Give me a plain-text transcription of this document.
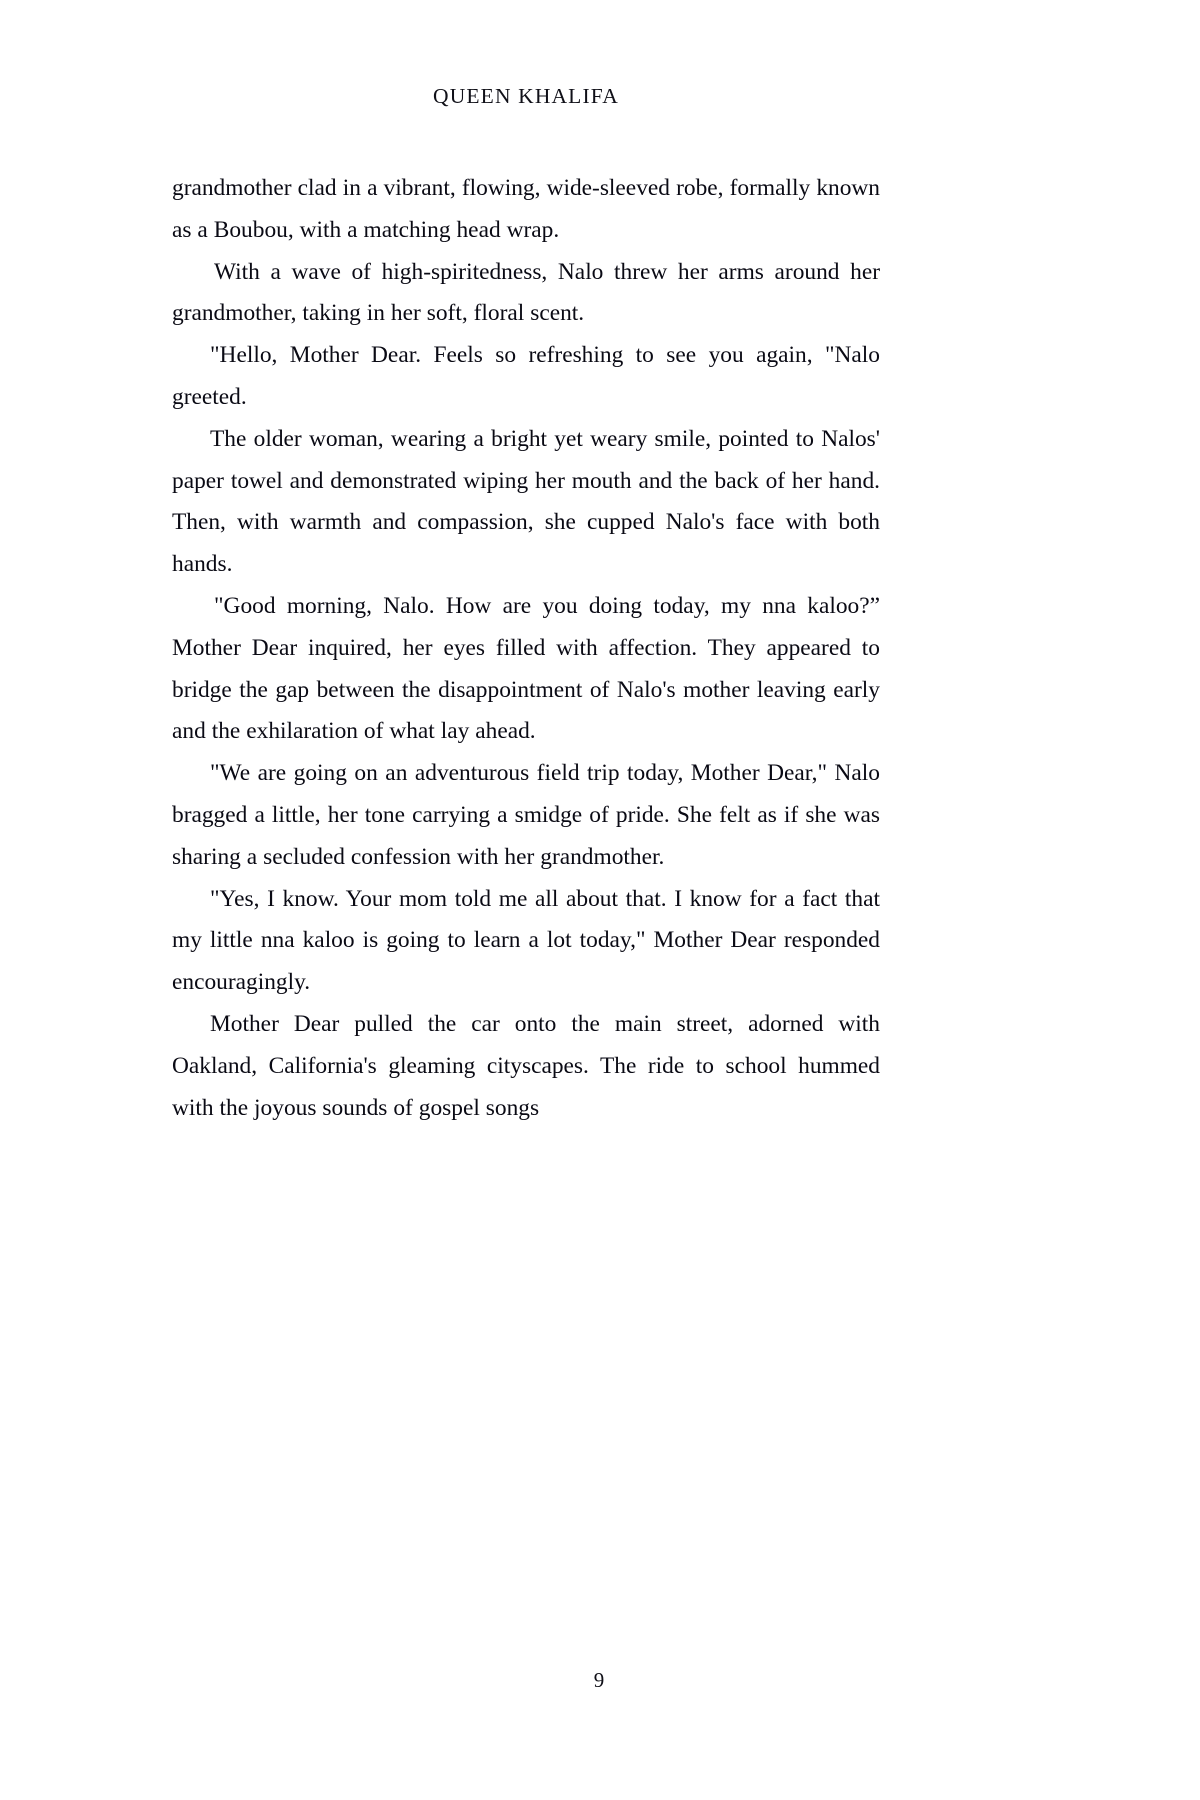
QUEEN KHALIFA

grandmother clad in a vibrant, flowing, wide-sleeved robe, formally known as a Boubou, with a matching head wrap.

With a wave of high-spiritedness, Nalo threw her arms around her grandmother, taking in her soft, floral scent.

"Hello, Mother Dear. Feels so refreshing to see you again, "Nalo greeted.

The older woman, wearing a bright yet weary smile, pointed to Nalos' paper towel and demonstrated wiping her mouth and the back of her hand. Then, with warmth and compassion, she cupped Nalo's face with both hands.

"Good morning, Nalo. How are you doing today, my nna kaloo?” Mother Dear inquired, her eyes filled with affection. They appeared to bridge the gap between the disappointment of Nalo's mother leaving early and the exhilaration of what lay ahead.

"We are going on an adventurous field trip today, Mother Dear," Nalo bragged a little, her tone carrying a smidge of pride. She felt as if she was sharing a secluded confession with her grandmother.

"Yes, I know. Your mom told me all about that. I know for a fact that my little nna kaloo is going to learn a lot today," Mother Dear responded encouragingly.

Mother Dear pulled the car onto the main street, adorned with Oakland, California's gleaming cityscapes. The ride to school hummed with the joyous sounds of gospel songs

9
